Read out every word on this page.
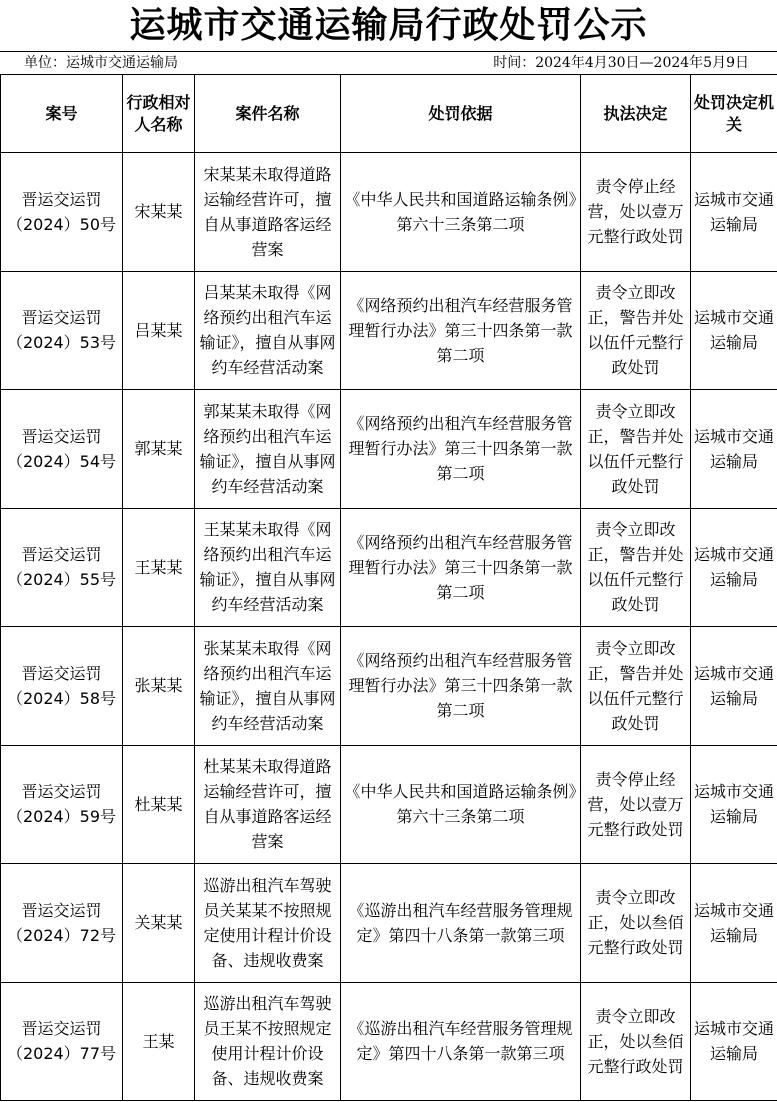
运城市交通运输局行政处罚公示
单位：运城市交通运输局	时间：2024年4月30日—2024年5月9日
案号	行政相对人名称	案件名称	处罚依据	执法决定	处罚决定机关
晋运交运罚（2024）50号	宋某某	宋某某未取得道路运输经营许可，擅自从事道路客运经营案	《中华人民共和国道路运输条例》第六十三条第二项	责令停止经营，处以壹万元整行政处罚	运城市交通运输局
晋运交运罚（2024）53号	吕某某	吕某某未取得《网络预约出租汽车运输证》，擅自从事网约车经营活动案	《网络预约出租汽车经营服务管理暂行办法》第三十四条第一款第二项	责令立即改正，警告并处以伍仟元整行政处罚	运城市交通运输局
晋运交运罚（2024）54号	郭某某	郭某某未取得《网络预约出租汽车运输证》，擅自从事网约车经营活动案	《网络预约出租汽车经营服务管理暂行办法》第三十四条第一款第二项	责令立即改正，警告并处以伍仟元整行政处罚	运城市交通运输局
晋运交运罚（2024）55号	王某某	王某某未取得《网络预约出租汽车运输证》，擅自从事网约车经营活动案	《网络预约出租汽车经营服务管理暂行办法》第三十四条第一款第二项	责令立即改正，警告并处以伍仟元整行政处罚	运城市交通运输局
晋运交运罚（2024）58号	张某某	张某某未取得《网络预约出租汽车运输证》，擅自从事网约车经营活动案	《网络预约出租汽车经营服务管理暂行办法》第三十四条第一款第二项	责令立即改正，警告并处以伍仟元整行政处罚	运城市交通运输局
晋运交运罚（2024）59号	杜某某	杜某某未取得道路运输经营许可，擅自从事道路客运经营案	《中华人民共和国道路运输条例》第六十三条第二项	责令停止经营，处以壹万元整行政处罚	运城市交通运输局
晋运交运罚（2024）72号	关某某	巡游出租汽车驾驶员关某某不按照规定使用计程计价设备、违规收费案	《巡游出租汽车经营服务管理规定》第四十八条第一款第三项	责令立即改正，处以叁佰元整行政处罚	运城市交通运输局
晋运交运罚（2024）77号	王某	巡游出租汽车驾驶员王某不按照规定使用计程计价设备、违规收费案	《巡游出租汽车经营服务管理规定》第四十八条第一款第三项	责令立即改正，处以叁佰元整行政处罚	运城市交通运输局
